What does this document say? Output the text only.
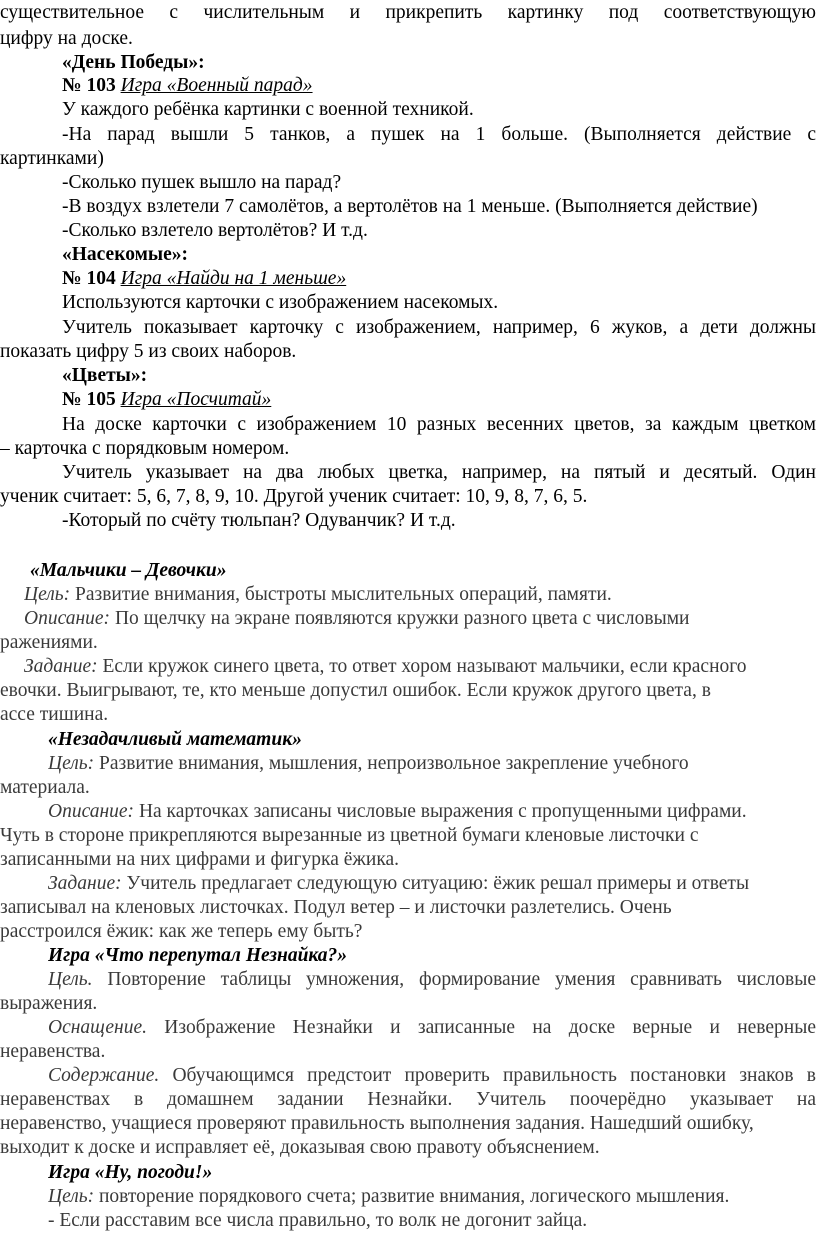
существительное с числительным и прикрепить картинку под соответствующую
цифру на доске.
«День Победы»:
№ 103 Игра «Военный парад»
У каждого ребёнка картинки с военной техникой.
-На парад вышли 5 танков, а пушек на 1 больше. (Выполняется действие с
картинками)
-Сколько пушек вышло на парад?
-В воздух взлетели 7 самолётов, а вертолётов на 1 меньше. (Выполняется действие)
-Сколько взлетело вертолётов? И т.д.
«Насекомые»:
№ 104 Игра «Найди на 1 меньше»
Используются карточки с изображением насекомых.
Учитель показывает карточку с изображением, например, 6 жуков, а дети должны
показать цифру 5 из своих наборов.
«Цветы»:
№ 105 Игра «Посчитай»
На доске карточки с изображением 10 разных весенних цветов, за каждым цветком
– карточка с порядковым номером.
Учитель указывает на два любых цветка, например, на пятый и десятый. Один
ученик считает: 5, 6, 7, 8, 9, 10. Другой ученик считает: 10, 9, 8, 7, 6, 5.
-Который по счёту тюльпан? Одуванчик? И т.д.
«Мальчики – Девочки»
Цель: Развитие внимания, быстроты мыслительных операций, памяти.
Описание: По щелчку на экране появляются кружки разного цвета с числовыми
ражениями.
Задание: Если кружок синего цвета, то ответ хором называют мальчики, если красного
евочки. Выигрывают, те, кто меньше допустил ошибок. Если кружок другого цвета, в
ассе тишина.
«Незадачливый математик»
Цель: Развитие внимания, мышления, непроизвольное закрепление учебного
материала.
Описание: На карточках записаны числовые выражения с пропущенными цифрами.
Чуть в стороне прикрепляются вырезанные из цветной бумаги кленовые листочки с
записанными на них цифрами и фигурка ёжика.
Задание: Учитель предлагает следующую ситуацию: ёжик решал примеры и ответы
записывал на кленовых листочках. Подул ветер – и листочки разлетелись. Очень
расстроился ёжик: как же теперь ему быть?
Игра «Что перепутал Незнайка?»
Цель. Повторение таблицы умножения, формирование умения сравнивать числовые
выражения.
Оснащение. Изображение Незнайки и записанные на доске верные и неверные
неравенства.
Содержание. Обучающимся предстоит проверить правильность постановки знаков в
неравенствах в домашнем задании Незнайки. Учитель поочерёдно указывает на
неравенство, учащиеся проверяют правильность выполнения задания. Нашедший ошибку,
выходит к доске и исправляет её, доказывая свою правоту объяснением.
Игра «Ну, погоди!»
Цель: повторение порядкового счета; развитие внимания, логического мышления.
- Если расставим все числа правильно, то волк не догонит зайца.
